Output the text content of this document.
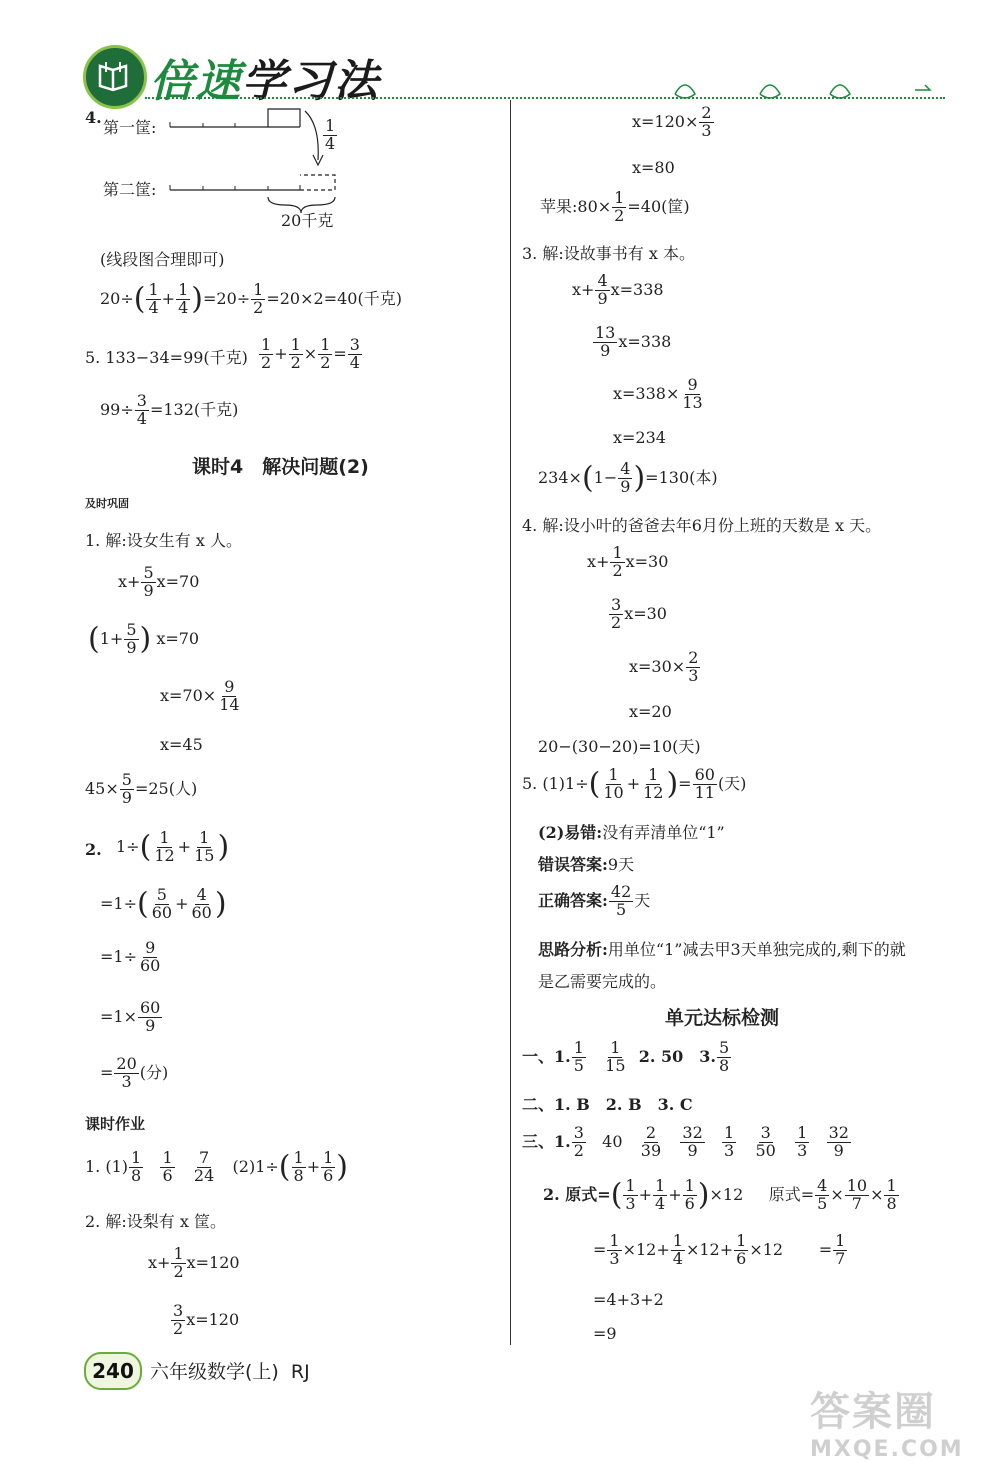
倍速学习法
4.
第一筐:	$\frac{1}{4}$
第二筐:
20千克
(线段图合理即可)
$20\div( \frac{1}{4} + \frac{1}{4} )=20\div \frac{1}{2} =20\times 2=40$(千克)
5. 133−34=99(千克) $\frac{1}{2} + \frac{1}{2} \times \frac{1}{2} = \frac{3}{4}$
$99\div \frac{3}{4} =132$(千克)
课时4　解决问题(2)
及时巩固
1. 解:设女生有 x 人。
$x+ \frac{5}{9} x=70$
($1+ \frac{5}{9}$ ) x=70
$x=70\times \frac{9}{14}$
x=45
$45\times \frac{5}{9} =25$(人)
2. $1\div( \frac{1}{12} + \frac{1}{15}$ )
$=1\div( \frac{5}{60} + \frac{4}{60}$ )
$=1\div \frac{9}{60}$
$=1\times \frac{60}{9}$
= $\frac{20}{3}$ (分)
课时作业
1. $(1) \frac{1}{8}$
$\frac{1}{6}$
$\frac{7}{24} (2)1\div( \frac{1}{8} + \frac{1}{6}$ )
2. 解:设梨有 x 筐。
$x+ \frac{1}{2} x=120$
$\frac{3}{2} x=120$
$x=120\times \frac{2}{3}$
x=80
苹果:80× $\frac{1}{2} =40$(筐)
3. 解:设故事书有 x 本。
$x+ \frac{4}{9} x=338$
$\frac{13}{9} x=338$
$x=338\times \frac{9}{13}$
x=234
$234\times(1- \frac{4}{9} )=130$(本)
4. 解:设小叶的爸爸去年6月份上班的天数是 x 天。
$x+ \frac{1}{2} x=30$
$\frac{3}{2} x=30$
$x=30\times \frac{2}{3}$
x=20
20−(30−20)=10(天)
5. $(1)1\div( \frac{1}{10} + \frac{1}{12}$ )= $\frac{60}{11}$ (天)
(2)易错:没有弄清单位“1”
错误答案:9天
正确答案: $\frac{42}{5}$ 天
思路分析:用单位“1”减去甲3天单独完成的,剩下的就
是乙需要完成的。
单元达标检测
一、1. $\frac{1}{5}$
$\frac{1}{15} 2$. 50　3. $\frac{5}{8}$
二、1. B　2. B　3. C
三、1. $\frac{3}{2} 40 \frac{2}{39}$
$\frac{32}{9}$
$\frac{1}{3}$
$\frac{3}{50}$
$\frac{1}{3}$
$\frac{32}{9}$
2. 原式=( $\frac{1}{3} + \frac{1}{4} + \frac{1}{6} )\times 12$ 原式= $\frac{4}{5} \times \frac{10}{7} \times \frac{1}{8}$
= $\frac{1}{3} \times 12+ \frac{1}{4} \times 12+ \frac{1}{6} \times 12 = \frac{1}{7}$
=4+3+2
=9
240 六年级数学(上) RJ
答案圈
MXQE.COM
